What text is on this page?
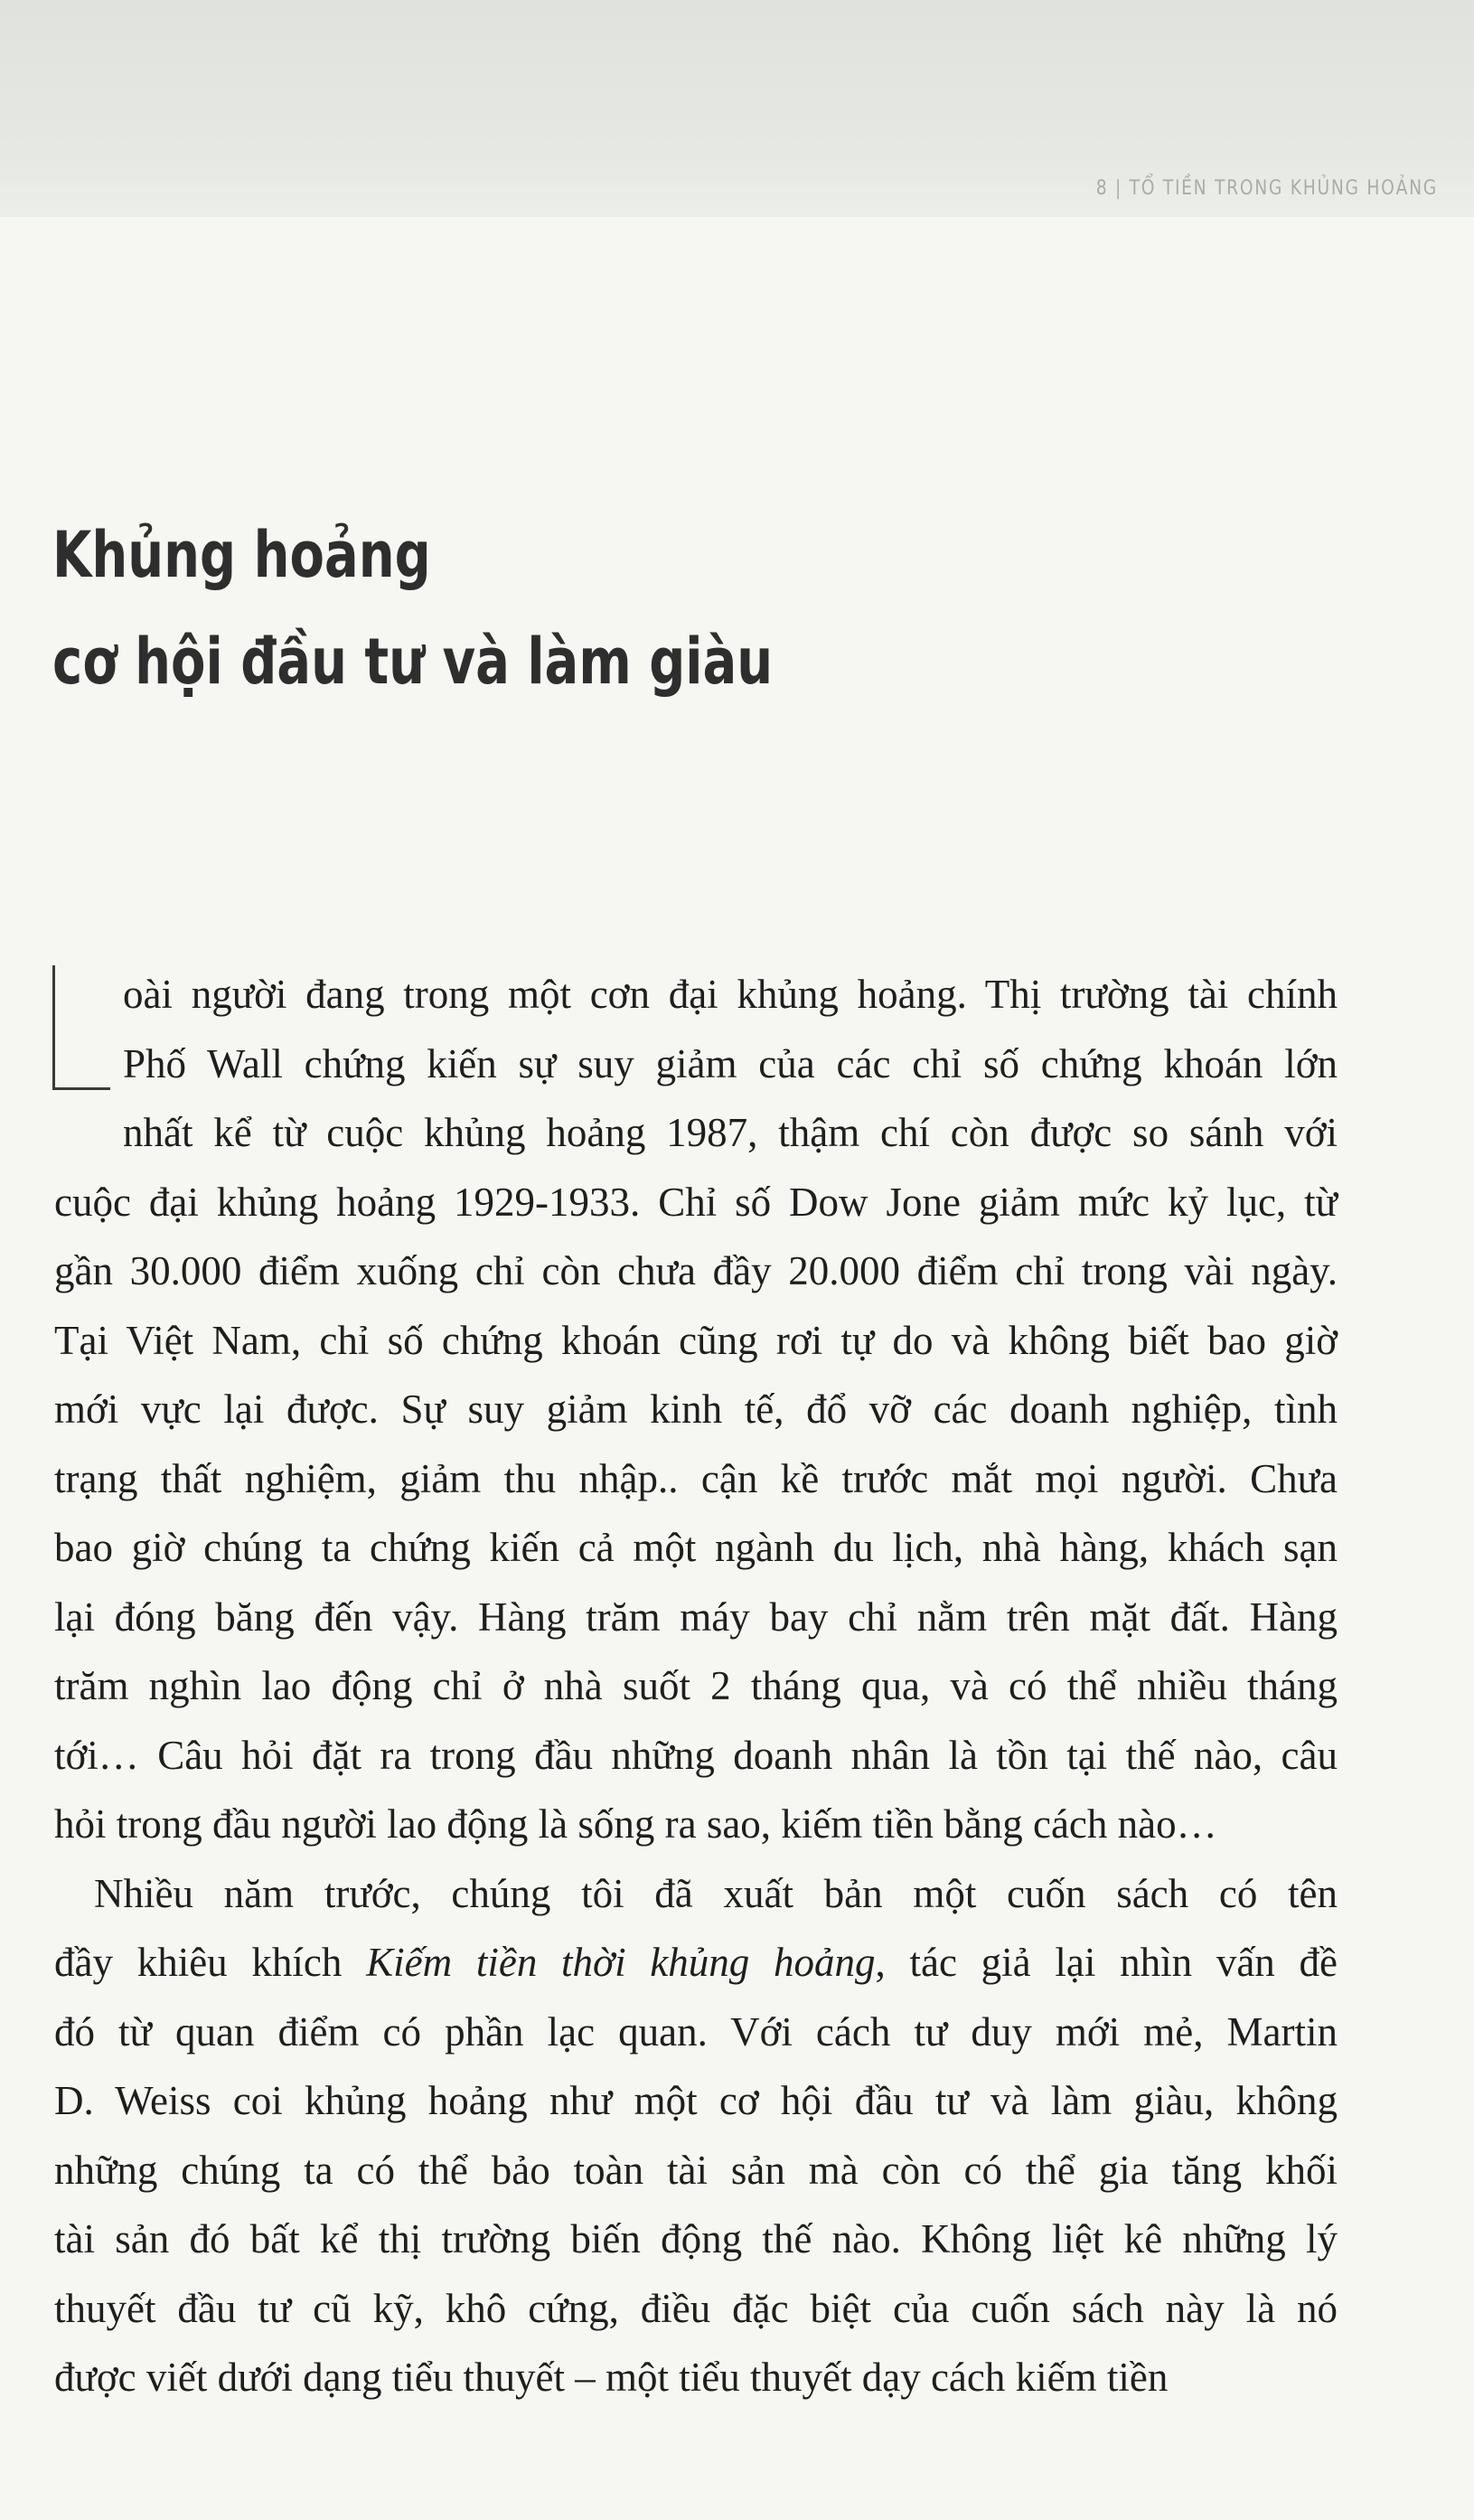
8 | TỔ TIỀN TRONG KHỦNG HOẢNG
Khủng hoảng
cơ hội đầu tư và làm giàu
oài người đang trong một cơn đại khủng hoảng. Thị trường tài chính
Phố Wall chứng kiến sự suy giảm của các chỉ số chứng khoán lớn
nhất kể từ cuộc khủng hoảng 1987, thậm chí còn được so sánh với
cuộc đại khủng hoảng 1929-1933. Chỉ số Dow Jone giảm mức kỷ lục, từ
gần 30.000 điểm xuống chỉ còn chưa đầy 20.000 điểm chỉ trong vài ngày.
Tại Việt Nam, chỉ số chứng khoán cũng rơi tự do và không biết bao giờ
mới vực lại được. Sự suy giảm kinh tế, đổ vỡ các doanh nghiệp, tình
trạng thất nghiệm, giảm thu nhập.. cận kề trước mắt mọi người. Chưa
bao giờ chúng ta chứng kiến cả một ngành du lịch, nhà hàng, khách sạn
lại đóng băng đến vậy. Hàng trăm máy bay chỉ nằm trên mặt đất. Hàng
trăm nghìn lao động chỉ ở nhà suốt 2 tháng qua, và có thể nhiều tháng
tới… Câu hỏi đặt ra trong đầu những doanh nhân là tồn tại thế nào, câu
hỏi trong đầu người lao động là sống ra sao, kiếm tiền bằng cách nào…
Nhiều năm trước, chúng tôi đã xuất bản một cuốn sách có tên
đầy khiêu khích Kiếm tiền thời khủng hoảng, tác giả lại nhìn vấn đề
đó từ quan điểm có phần lạc quan. Với cách tư duy mới mẻ, Martin
D. Weiss coi khủng hoảng như một cơ hội đầu tư và làm giàu, không
những chúng ta có thể bảo toàn tài sản mà còn có thể gia tăng khối
tài sản đó bất kể thị trường biến động thế nào. Không liệt kê những lý
thuyết đầu tư cũ kỹ, khô cứng, điều đặc biệt của cuốn sách này là nó
được viết dưới dạng tiểu thuyết – một tiểu thuyết dạy cách kiếm tiền
